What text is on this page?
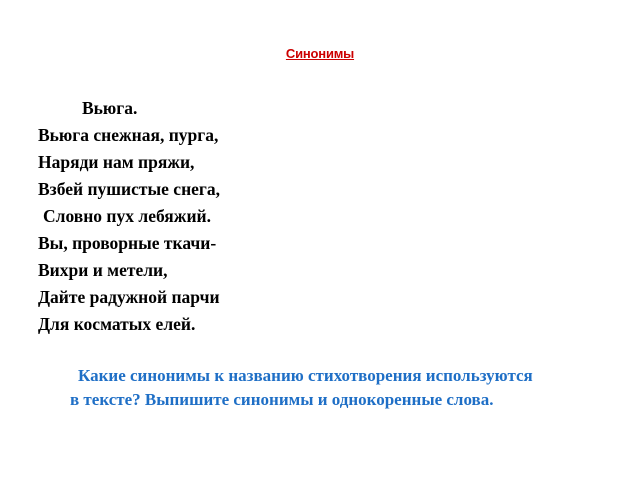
Синонимы
Вьюга.
Вьюга снежная, пурга,
Наряди нам пряжи,
Взбей пушистые снега,
Словно пух лебяжий.
Вы, проворные ткачи-
Вихри и метели,
Дайте радужной парчи
Для косматых елей.
Какие синонимы к названию стихотворения используются
в тексте? Выпишите синонимы и однокоренные слова.
